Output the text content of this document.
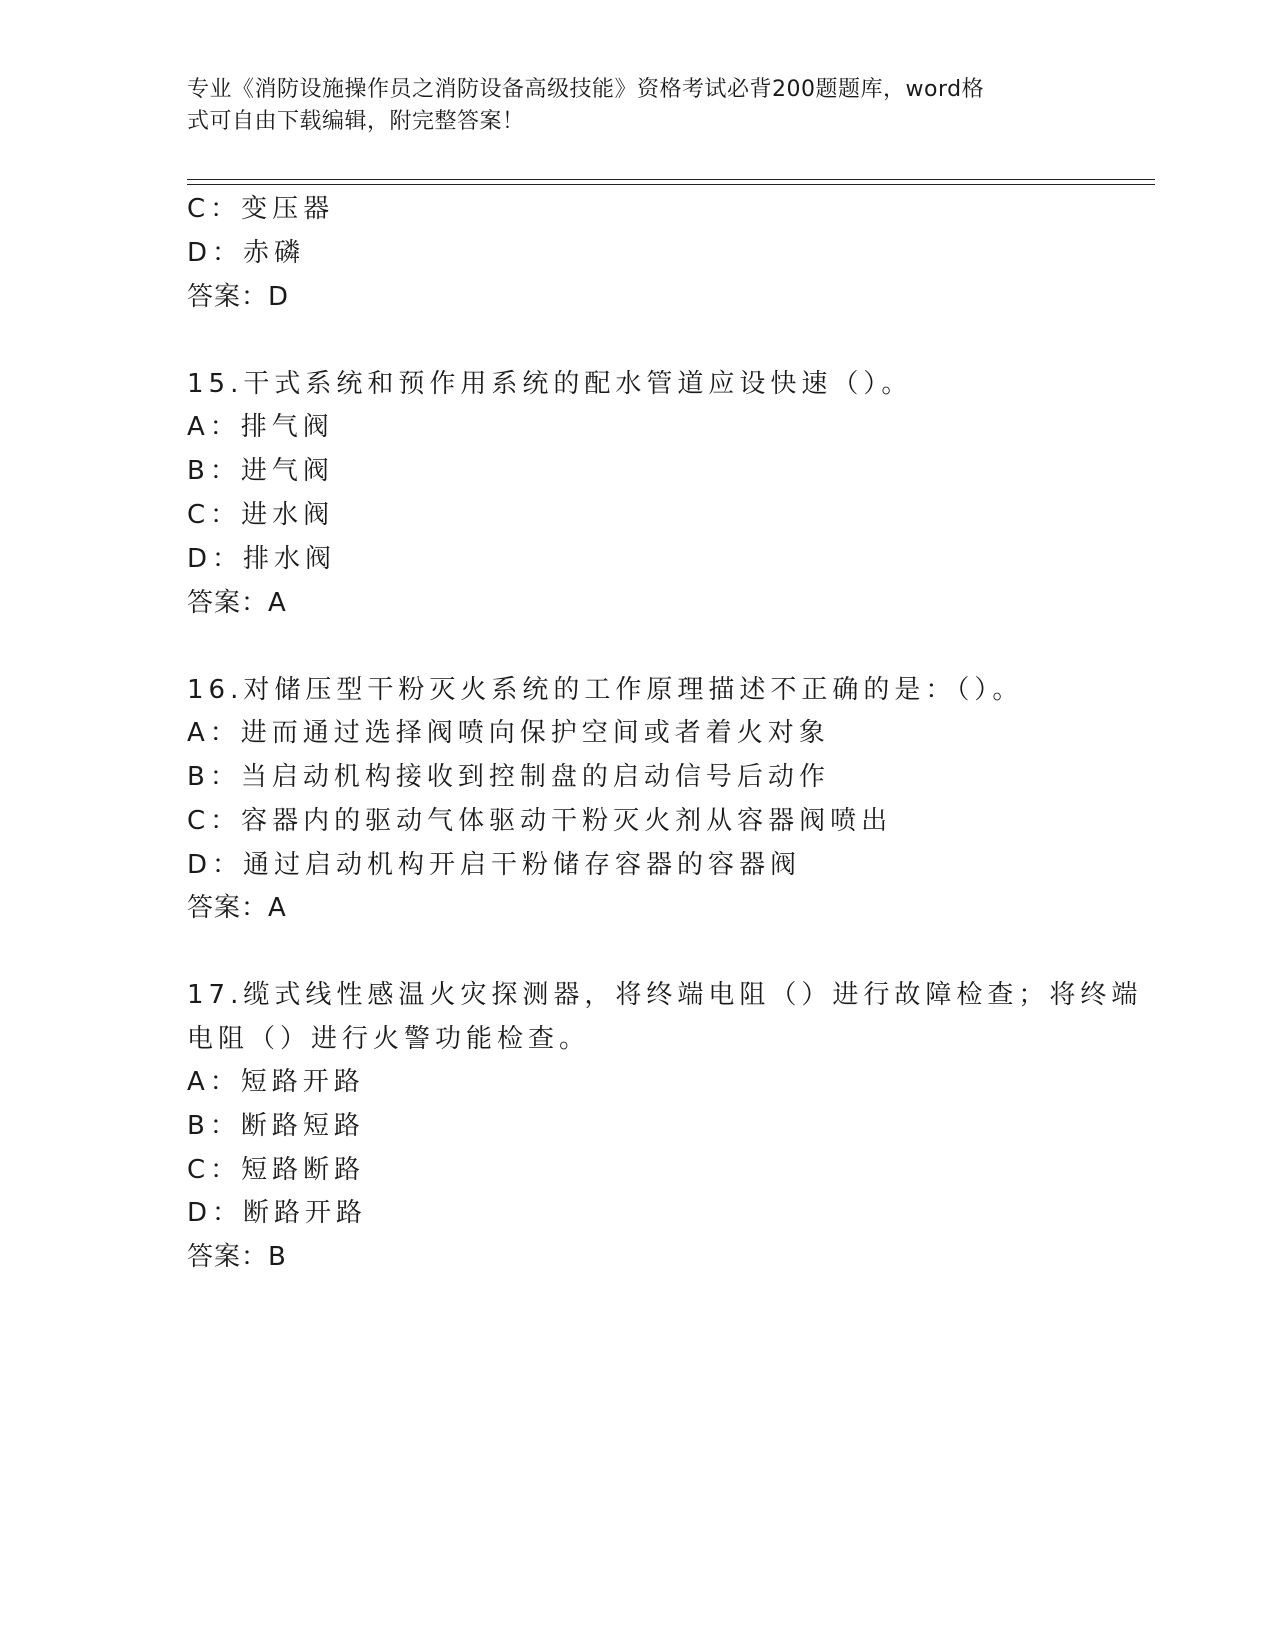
专业《消防设施操作员之消防设备高级技能》资格考试必背200题题库，word格
式可自由下载编辑，附完整答案！
C：变压器
D：赤磷
答案：D
15.干式系统和预作用系统的配水管道应设快速（）。
A：排气阀
B：进气阀
C：进水阀
D：排水阀
答案：A
16.对储压型干粉灭火系统的工作原理描述不正确的是：（）。
A：进而通过选择阀喷向保护空间或者着火对象
B：当启动机构接收到控制盘的启动信号后动作
C：容器内的驱动气体驱动干粉灭火剂从容器阀喷出
D：通过启动机构开启干粉储存容器的容器阀
答案：A
17.缆式线性感温火灾探测器，将终端电阻（）进行故障检查；将终端
电阻（）进行火警功能检查。
A：短路开路
B：断路短路
C：短路断路
D：断路开路
答案：B
